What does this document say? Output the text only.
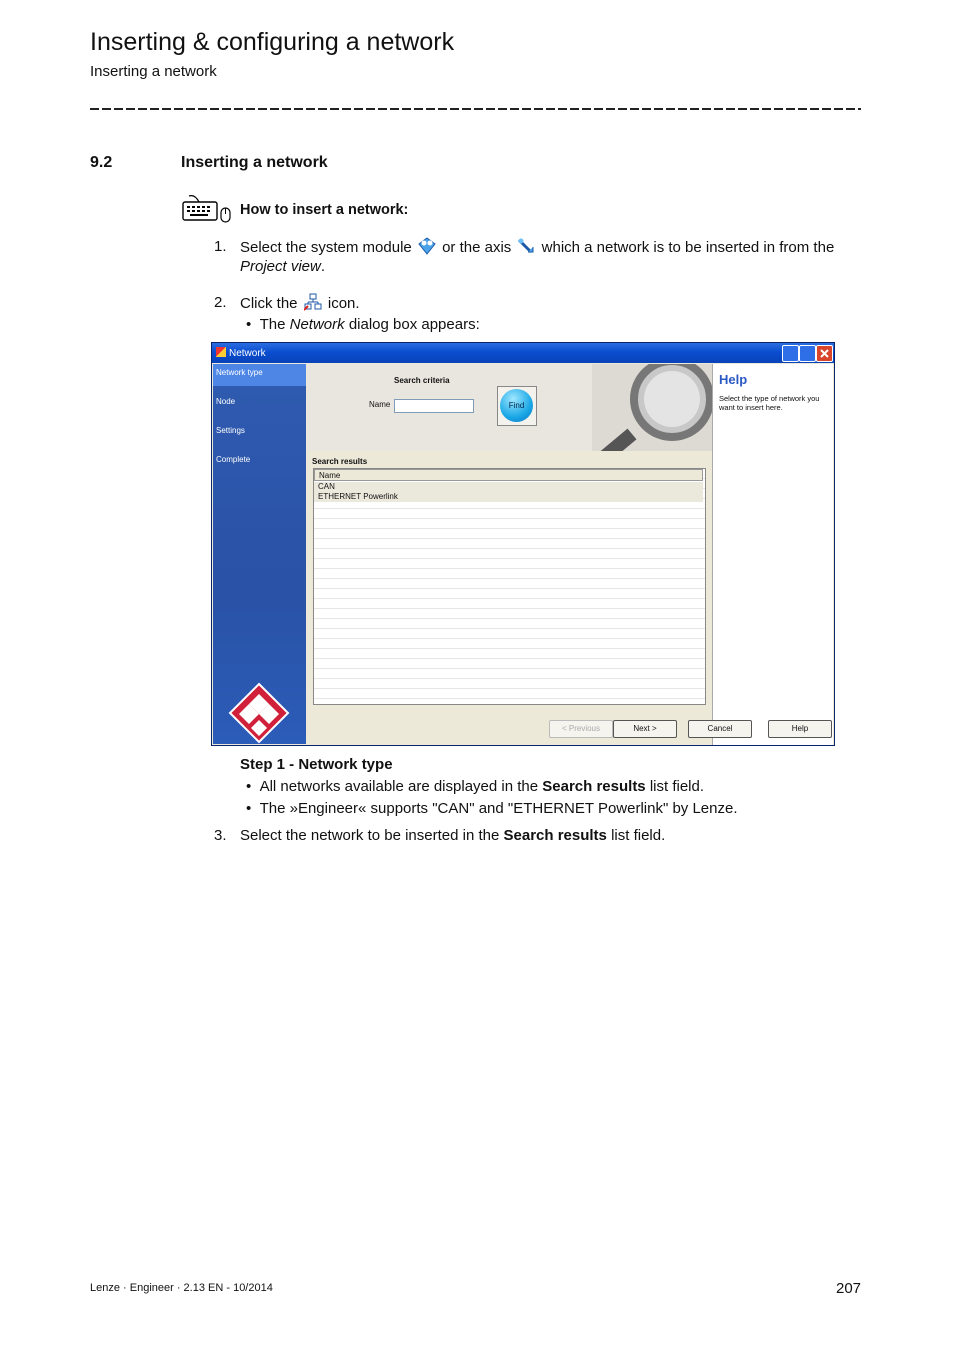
Inserting & configuring a network
Inserting a network
9.2	Inserting a network
How to insert a network:
1. Select the system module or the axis which a network is to be inserted in from the Project view.
2. Click the icon.
•  The Network dialog box appears:
Network
Network type
Node
Settings
Complete
Search criteria
Name	Find
Help
Select the type of network you want to insert here.
Search results
Name
CAN
ETHERNET Powerlink
< Previous	Next >	Cancel	Help
Step 1 - Network type
•  All networks available are displayed in the Search results list field.
•  The »Engineer« supports "CAN" and "ETHERNET Powerlink" by Lenze.
3. Select the network to be inserted in the Search results list field.
Lenze · Engineer · 2.13 EN - 10/2014	207
